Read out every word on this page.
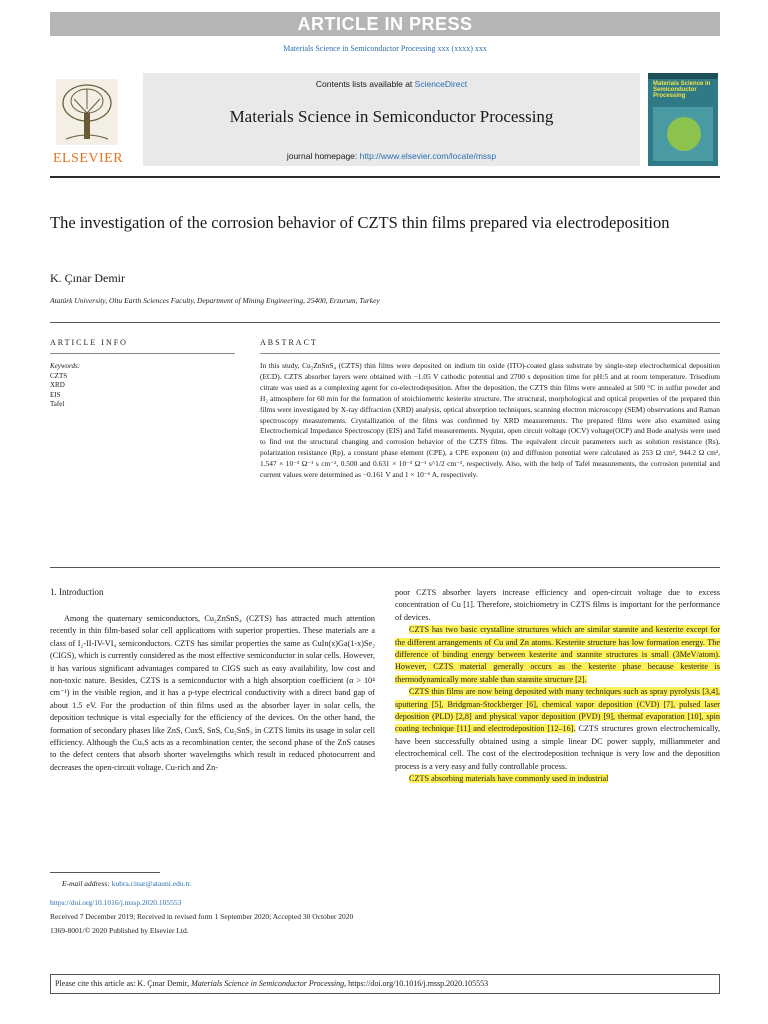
ARTICLE IN PRESS
Materials Science in Semiconductor Processing xxx (xxxx) xxx
ELSEVIER
Contents lists available at ScienceDirect
Materials Science in Semiconductor Processing
journal homepage: http://www.elsevier.com/locate/mssp
Materials Science in Semiconductor Processing
The investigation of the corrosion behavior of CZTS thin films prepared via electrodeposition
K. Çınar Demir
Atatürk University, Oltu Earth Sciences Faculty, Department of Mining Engineering, 25400, Erzurum, Turkey
ARTICLE INFO
Keywords:
CZTS
XRD
EIS
Tafel
ABSTRACT
In this study, Cu₂ZnSnS₄ (CZTS) thin films were deposited on indium tin oxide (ITO)-coated glass substrate by single-step electrochemical deposition (ECD). CZTS absorber layers were obtained with −1.05 V cathodic potential and 2700 s deposition time for pH:5 and at room temperature. Trisodium citrate was used as a complexing agent for co-electrodeposition. After the deposition, the CZTS thin films were annealed at 500 °C in sulfur powder and H₂ atmosphere for 60 min for the formation of stoichiometric kesterite structure. The structural, morphological and optical properties of the prepared thin films were investigated by X-ray diffraction (XRD) analysis, optical absorption techniques, scanning electron microscopy (SEM) observations and Raman spectroscopy measurements. Crystallization of the films was confirmed by XRD measurements. The prepared films were also examined using Electrochemical Impedance Spectroscopy (EIS) and Tafel measurements. Nyquist, open circuit voltage (OCV) voltage(OCP) and Bode analysis were used to find out the structural changing and corrosion behavior of the CZTS films. The equivalent circuit parameters such as solution resistance (Rs), polarization resistance (Rp), a constant phase element (CPE), a CPE exponent (n) and diffusion potential were calculated as 253 Ω cm², 944.2 Ω cm², 1.547 × 10⁻³ Ω⁻¹ s cm⁻², 0.500 and 0.631 × 10⁻³ Ω⁻¹ s^1/2 cm⁻², respectively. Also, with the help of Tafel measurements, the corrosion potential and current values were determined as −0.161 V and 1 × 10⁻⁶ A, respectively.
1. Introduction
Among the quaternary semiconductors, Cu₂ZnSnS₄ (CZTS) has attracted much attention recently in thin film-based solar cell applications with superior properties. These materials are a class of I₂-II-IV-VI₄ semiconductors. CZTS has similar properties the same as CuIn(x)Ga(1-x)Se₂ (CIGS), which is currently considered as the most effective semiconductor in solar cells. However, it has various significant advantages compared to CIGS such as easy availability, low cost and non-toxic nature. Besides, CZTS is a semiconductor with a high absorption coefficient (α > 10⁴ cm⁻¹) in the visible region, and it has a p-type electrical conductivity with a direct band gap of about 1.5 eV. For the production of thin films used as the absorber layer in solar cells, the deposition technique is vital especially for the efficiency of the devices. On the other hand, the formation of secondary phases like ZnS, CuxS, SnS, Cu₂SnS₃ in CZTS limits its usage in solar cell efficiency. Although the CuₓS acts as a recombination center, the second phase of the ZnS causes to the defect centers that absorb shorter wavelengths which result in reduced photocurrent and decreases the open-circuit voltage. Cu-rich and Zn-

poor CZTS absorber layers increase efficiency and open-circuit voltage due to excess concentration of Cu [1]. Therefore, stoichiometry in CZTS films is important for the performance of devices.

CZTS has two basic crystalline structures which are similar stannite and kesterite except for the different arrangements of Cu and Zn atoms. Kesterite structure has low formation energy. The difference of binding energy between kesterite and stannite structures is small (3MeV/atom). However, CZTS material generally occurs as the kesterite phase because kesterite is thermodynamically more stable than stannite structure [2].

CZTS thin films are now being deposited with many techniques such as spray pyrolysis [3,4], sputtering [5], Bridgman-Stockberger [6], chemical vapor deposition (CVD) [7], pulsed laser deposition (PLD) [2,8] and physical vapor deposition (PVD) [9], thermal evaporation [10], spin coating technique [11] and electrodeposition [12–16]. CZTS structures grown electrochemically, have been successfully obtained using a simple linear DC power supply, milliammeter and electrochemical cell. The cost of the electrodeposition technique is very low and the deposition process is a very easy and fully controllable process.

CZTS absorbing materials have commonly used in industrial

E-mail address: kubra.cinar@atauni.edu.tr.
https://doi.org/10.1016/j.mssp.2020.105553
Received 7 December 2019; Received in revised form 1 September 2020; Accepted 30 October 2020
1369-8001/© 2020 Published by Elsevier Ltd.
Please cite this article as: K. Çınar Demir, Materials Science in Semiconductor Processing, https://doi.org/10.1016/j.mssp.2020.105553
